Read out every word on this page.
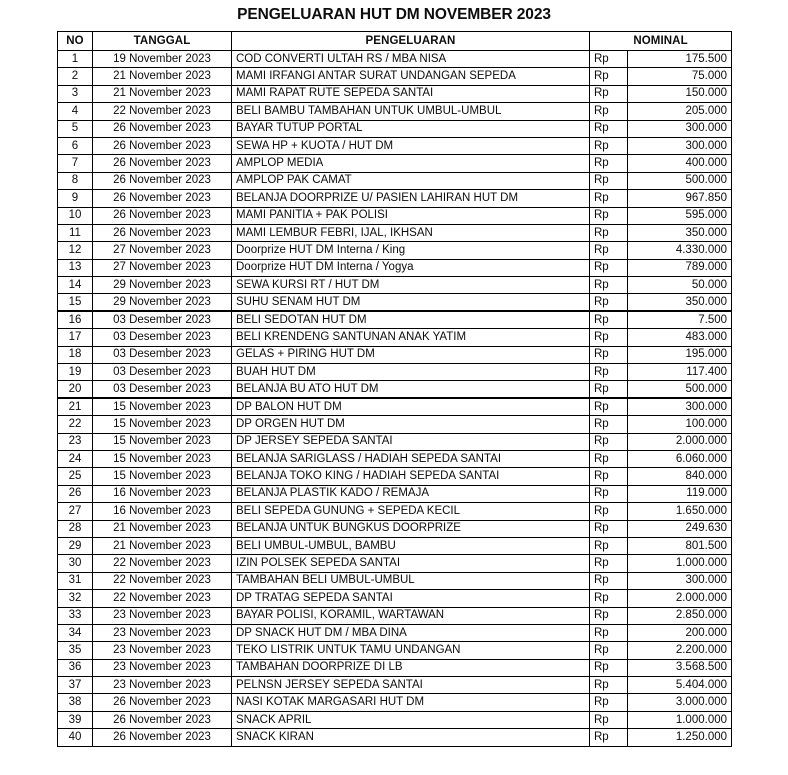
PENGELUARAN HUT DM NOVEMBER 2023
NO	TANGGAL	PENGELUARAN	NOMINAL	
1	19 November 2023	COD CONVERTI ULTAH RS / MBA NISA	Rp	175.500
2	21 November 2023	MAMI IRFANGI ANTAR SURAT UNDANGAN SEPEDA	Rp	75.000
3	21 November 2023	MAMI RAPAT RUTE SEPEDA SANTAI	Rp	150.000
4	22 November 2023	BELI BAMBU TAMBAHAN UNTUK UMBUL-UMBUL	Rp	205.000
5	26 November 2023	BAYAR TUTUP PORTAL	Rp	300.000
6	26 November 2023	SEWA HP + KUOTA / HUT DM	Rp	300.000
7	26 November 2023	AMPLOP MEDIA	Rp	400.000
8	26 November 2023	AMPLOP PAK CAMAT	Rp	500.000
9	26 November 2023	BELANJA DOORPRIZE U/ PASIEN LAHIRAN HUT DM	Rp	967.850
10	26 November 2023	MAMI PANITIA + PAK POLISI	Rp	595.000
11	26 November 2023	MAMI LEMBUR FEBRI, IJAL, IKHSAN	Rp	350.000
12	27 November 2023	Doorprize HUT DM Interna / King	Rp	4.330.000
13	27 November 2023	Doorprize HUT DM Interna / Yogya	Rp	789.000
14	29 November 2023	SEWA KURSI RT / HUT DM	Rp	50.000
15	29 November 2023	SUHU SENAM HUT DM	Rp	350.000
16	03 Desember 2023	BELI SEDOTAN HUT DM	Rp	7.500
17	03 Desember 2023	BELI KRENDENG SANTUNAN ANAK YATIM	Rp	483.000
18	03 Desember 2023	GELAS + PIRING HUT DM	Rp	195.000
19	03 Desember 2023	BUAH HUT DM	Rp	117.400
20	03 Desember 2023	BELANJA BU ATO HUT DM	Rp	500.000
21	15 November 2023	DP BALON HUT DM	Rp	300.000
22	15 November 2023	DP ORGEN HUT DM	Rp	100.000
23	15 November 2023	DP JERSEY SEPEDA SANTAI	Rp	2.000.000
24	15 November 2023	BELANJA SARIGLASS / HADIAH SEPEDA SANTAI	Rp	6.060.000
25	15 November 2023	BELANJA TOKO KING / HADIAH SEPEDA SANTAI	Rp	840.000
26	16 November 2023	BELANJA PLASTIK KADO / REMAJA	Rp	119.000
27	16 November 2023	BELI SEPEDA GUNUNG + SEPEDA KECIL	Rp	1.650.000
28	21 November 2023	BELANJA UNTUK BUNGKUS DOORPRIZE	Rp	249.630
29	21 November 2023	BELI UMBUL-UMBUL, BAMBU	Rp	801.500
30	22 November 2023	IZIN POLSEK SEPEDA SANTAI	Rp	1.000.000
31	22 November 2023	TAMBAHAN BELI UMBUL-UMBUL	Rp	300.000
32	22 November 2023	DP TRATAG SEPEDA SANTAI	Rp	2.000.000
33	23 November 2023	BAYAR POLISI, KORAMIL, WARTAWAN	Rp	2.850.000
34	23 November 2023	DP SNACK HUT DM / MBA DINA	Rp	200.000
35	23 November 2023	TEKO LISTRIK UNTUK TAMU UNDANGAN	Rp	2.200.000
36	23 November 2023	TAMBAHAN DOORPRIZE DI LB	Rp	3.568.500
37	23 November 2023	PELNSN JERSEY SEPEDA SANTAI	Rp	5.404.000
38	26 November 2023	NASI KOTAK MARGASARI HUT DM	Rp	3.000.000
39	26 November 2023	SNACK APRIL	Rp	1.000.000
40	26 November 2023	SNACK KIRAN	Rp	1.250.000
